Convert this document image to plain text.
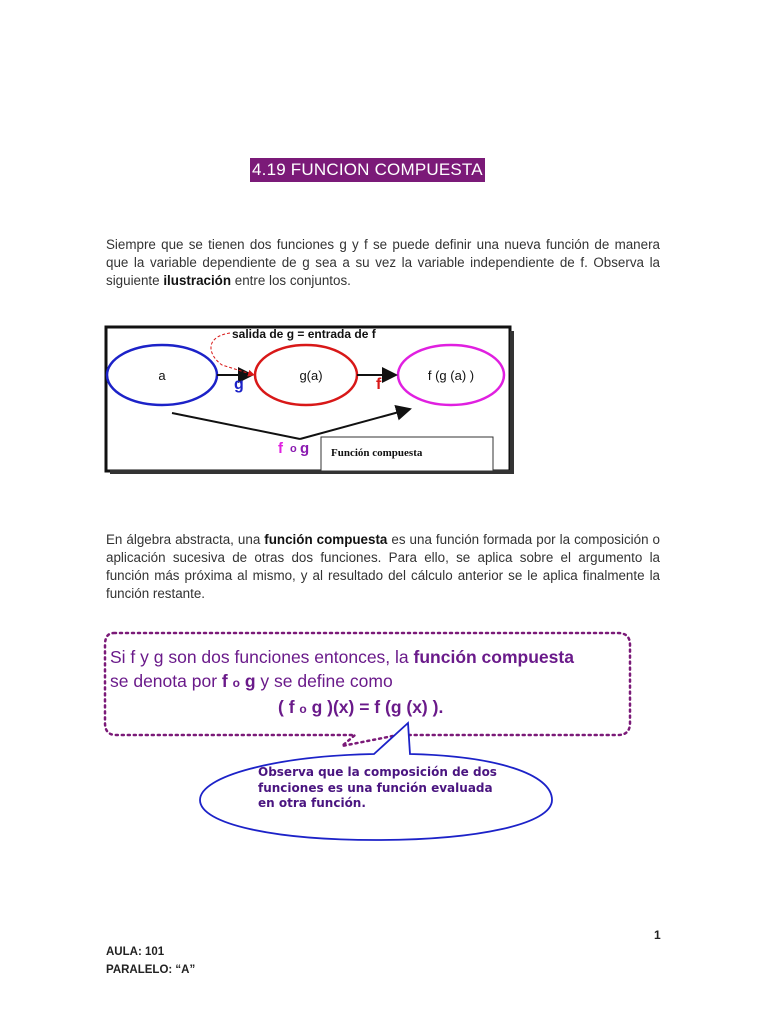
4.19 FUNCION COMPUESTA

Siempre que se tienen dos funciones g y f se puede definir una nueva función de manera que la variable dependiente de g sea a su vez la variable independiente de f. Observa la siguiente ilustración entre los conjuntos.

salida de g = entrada de f
a	g(a)	f (g (a) )
g	f
f o g Función compuesta

En álgebra abstracta, una función compuesta es una función formada por la composición o aplicación sucesiva de otras dos funciones. Para ello, se aplica sobre el argumento la función más próxima al mismo, y al resultado del cálculo anterior se le aplica finalmente la función restante.

Si f y g son dos funciones entonces, la función compuesta
se denota por f o g y se define como
( f o g )(x) = f (g (x) ).
Observa que la composición de dos funciones es una función evaluada en otra función.
1
AULA: 101
PARALELO: “A”
